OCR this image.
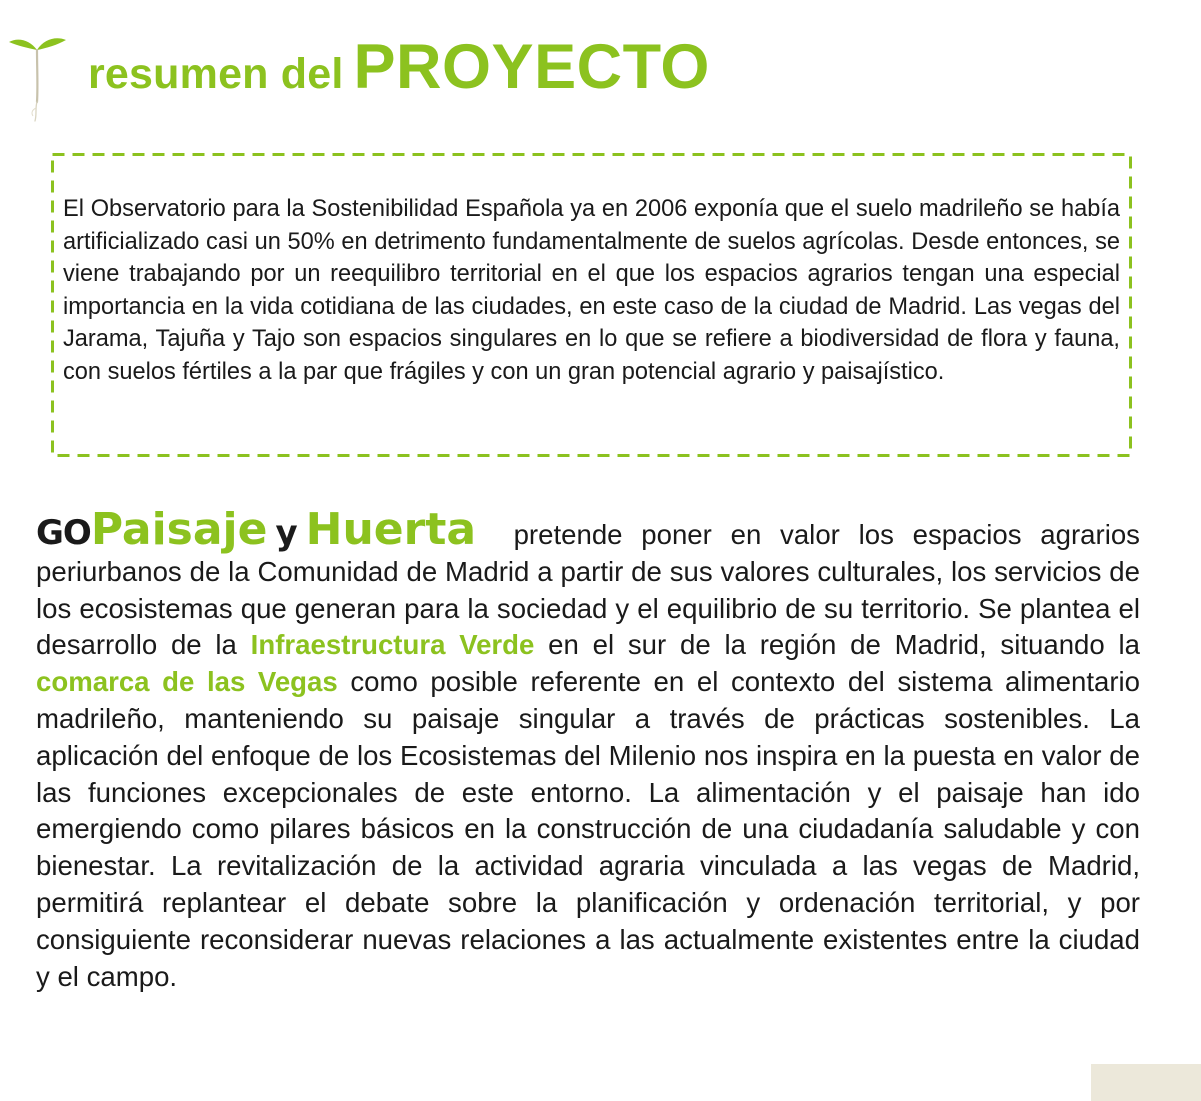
resumen del PROYECTO

El Observatorio para la Sostenibilidad Española ya en 2006 exponía que el suelo madrileño se había artificializado casi un 50% en detrimento fundamentalmente de suelos agrícolas. Desde entonces, se viene trabajando por un reequilibro territorial en el que los espacios agrarios tengan una especial importancia en la vida cotidiana de las ciudades, en este caso de la ciudad de Madrid. Las vegas del Jarama, Tajuña y Tajo son espacios singulares en lo que se refiere a biodiversidad de flora y fauna, con suelos fértiles a la par que frágiles y con un gran potencial agrario y paisajístico.

GOPaisaje y Huerta pretende poner en valor los espacios agrarios periurbanos de la Comunidad de Madrid a partir de sus valores culturales, los servicios de los ecosistemas que generan para la sociedad y el equilibrio de su territorio. Se plantea el desarrollo de la Infraestructura Verde en el sur de la región de Madrid, situando la comarca de las Vegas como posible referente en el contexto del sistema alimentario madrileño, manteniendo su paisaje singular a través de prácticas sostenibles. La aplicación del enfoque de los Ecosistemas del Milenio nos inspira en la puesta en valor de las funciones excepcionales de este entorno. La alimentación y el paisaje han ido emergiendo como pilares básicos en la construcción de una ciudadanía saludable y con bienestar. La revitalización de la actividad agraria vinculada a las vegas de Madrid, permitirá replantear el debate sobre la planificación y ordenación territorial, y por consiguiente reconsiderar nuevas relaciones a las actualmente existentes entre la ciudad y el campo.
